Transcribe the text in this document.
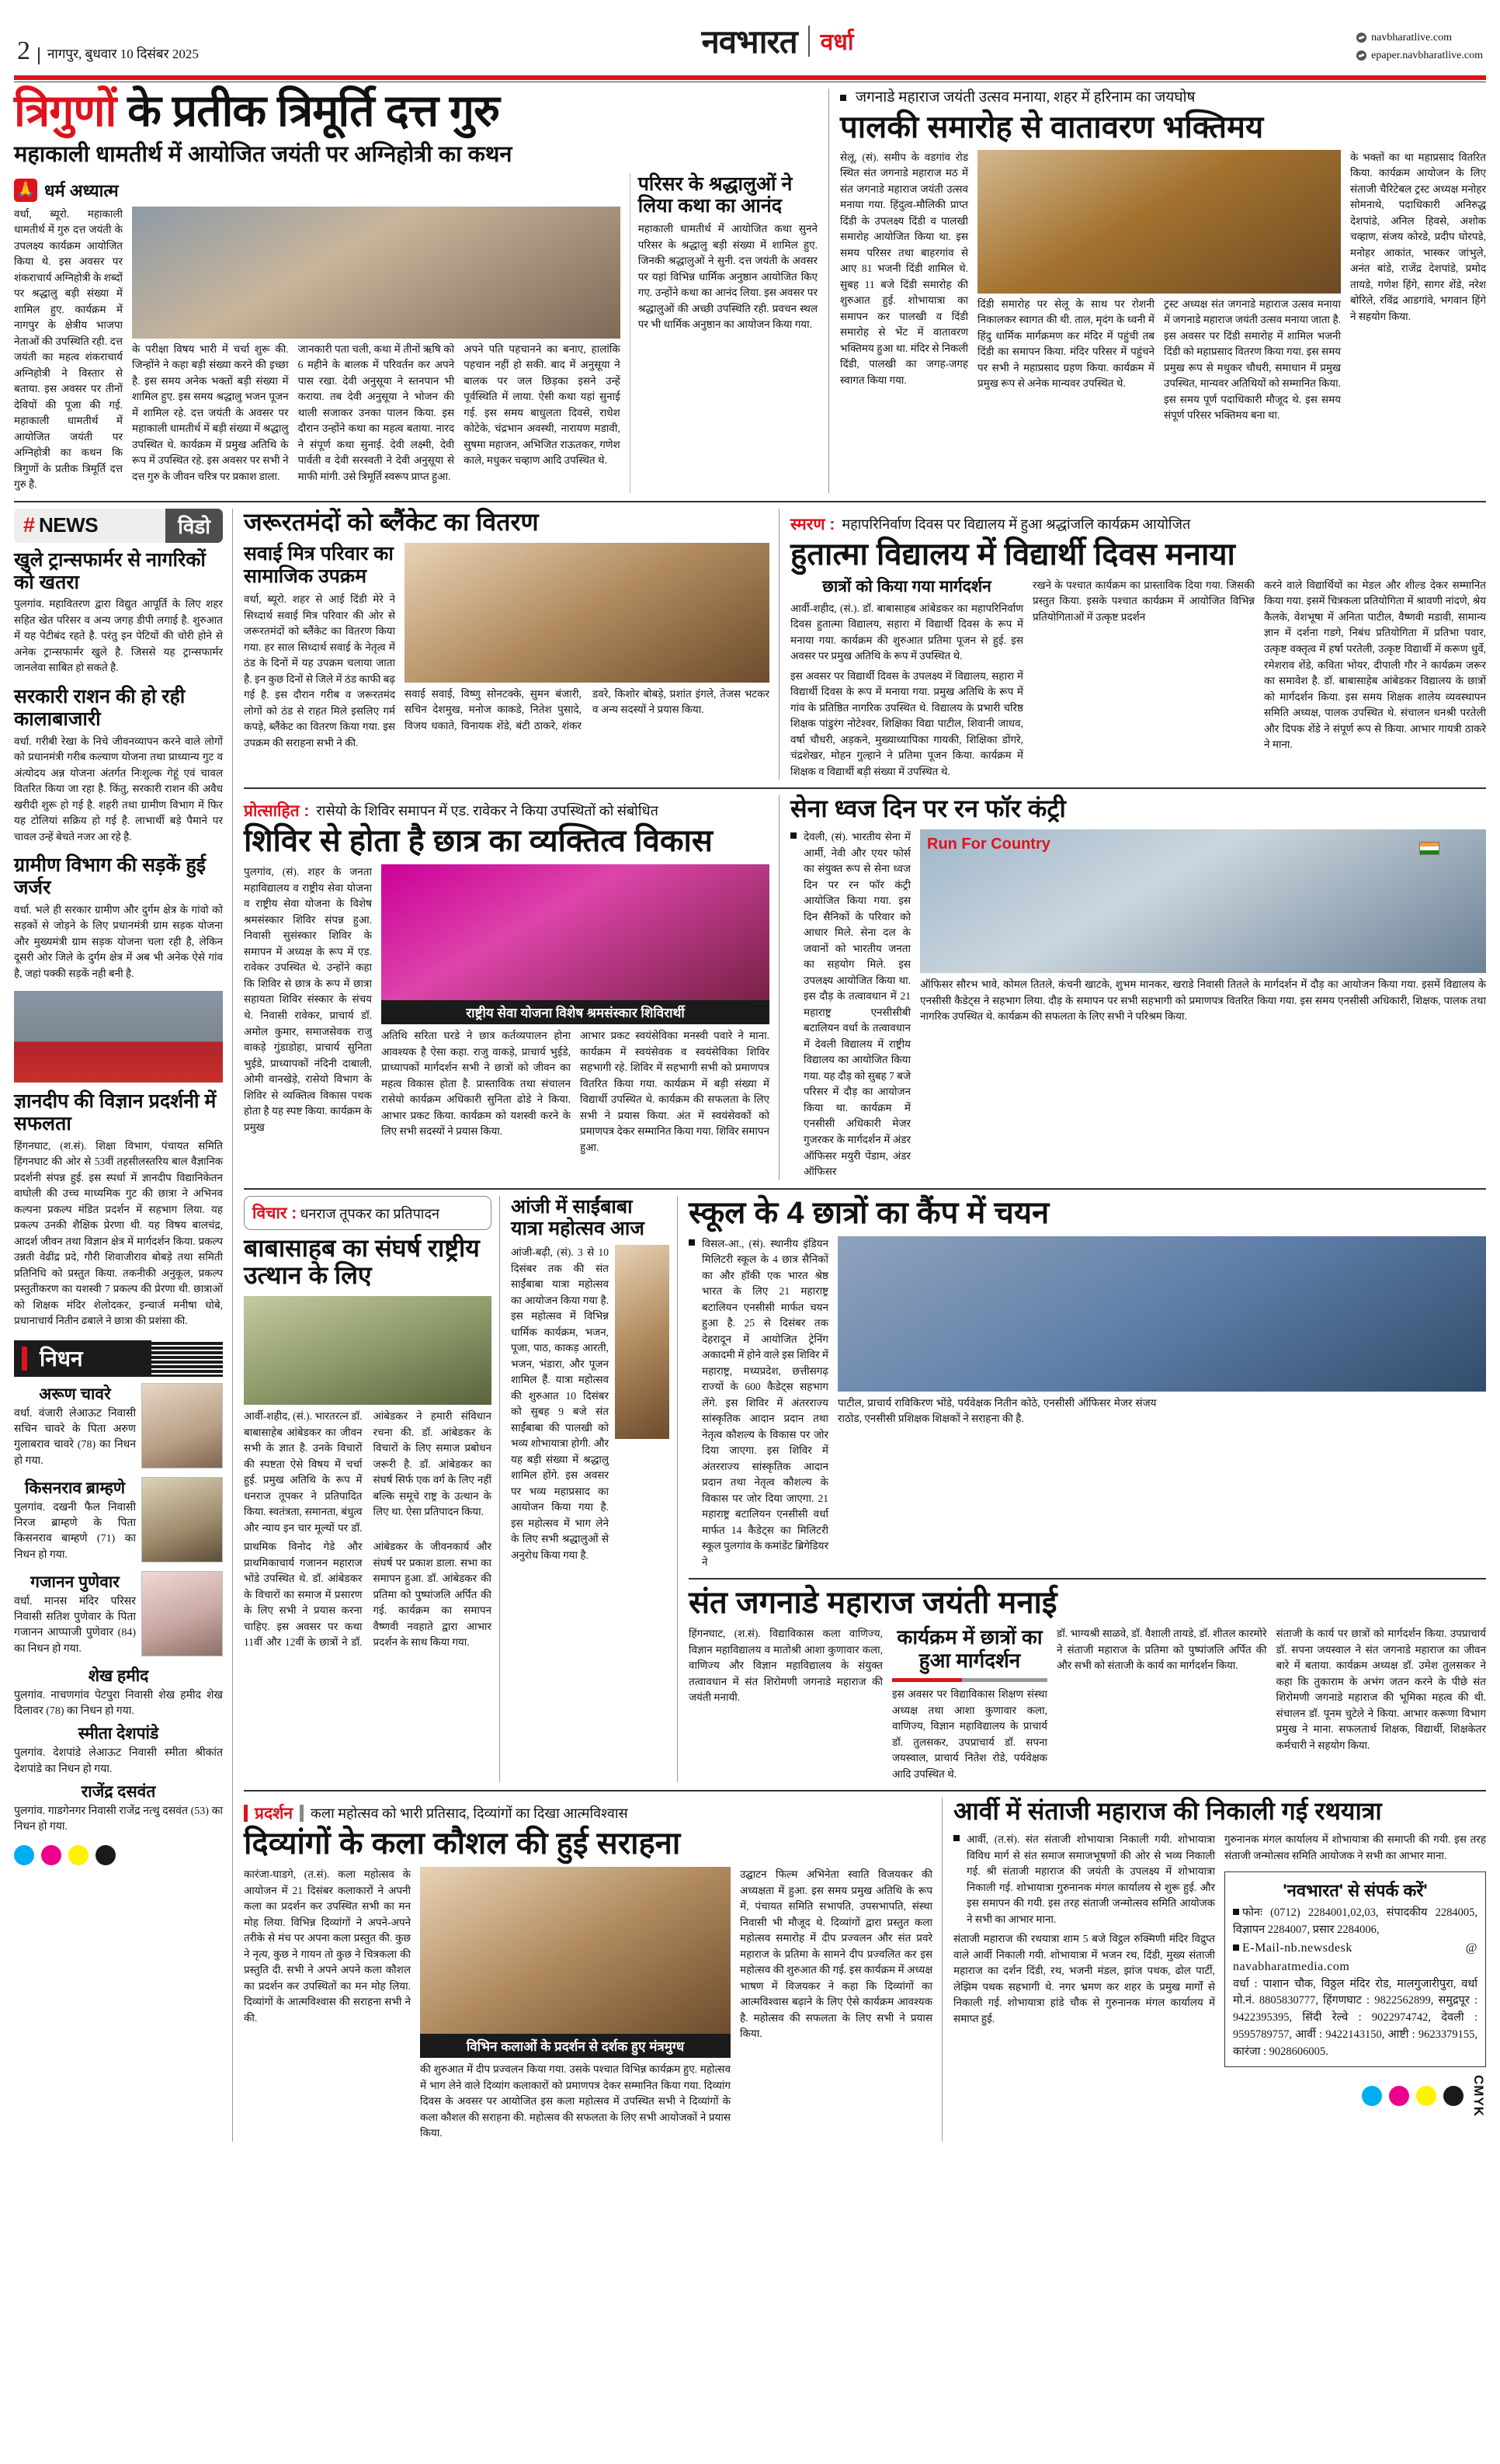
2	नागपुर, बुधवार 10 दिसंबर 2025	नवभारत वर्धा	navbharatlive.com
epaper.navbharatlive.com
त्रिगुणों के प्रतीक त्रिमूर्ति दत्त गुरु
महाकाली धामतीर्थ में आयोजित जयंती पर अग्निहोत्री का कथन
🙏
धर्म अध्यात्म
वर्धा, ब्यूरो. महाकाली धामतीर्थ में गुरु दत्त जयंती के उपलक्ष्य कार्यक्रम आयोजित किया थे. इस अवसर पर शंकराचार्य अग्निहोत्री के शब्दों पर श्रद्धालु बड़ी संख्या में शामिल हुए. कार्यक्रम में नागपुर के क्षेत्रीय भाजपा नेताओं की उपस्थिति रही. दत्त जयंती का महत्व शंकराचार्य अग्निहोत्री ने विस्तार से बताया. इस अवसर पर तीनों देवियों की पूजा की गई. महाकाली धामतीर्थ में आयोजित जयंती पर अग्निहोत्री का कथन कि त्रिगुणों के प्रतीक त्रिमूर्ति दत्त गुरु है.
के परीक्षा विषय भारी में चर्चा शुरू की. जिन्होंने ने कहा बड़ी संख्या करने की इच्छा है. इस समय अनेक भक्तों बड़ी संख्या में शामिल हुए. इस समय श्रद्धालु भजन पूजन में शामिल रहे. दत्त जयंती के अवसर पर महाकाली धामतीर्थ में बड़ी संख्या में श्रद्धालु उपस्थित थे. कार्यक्रम में प्रमुख अतिथि के रूप में उपस्थित रहे. इस अवसर पर सभी ने दत्त गुरु के जीवन चरित्र पर प्रकाश डाला.
जानकारी पता चली, कथा में तीनों ऋषि को 6 महीने के बालक में परिवर्तन कर अपने पास रखा. देवी अनुसूया ने स्तनपान भी कराया. तब देवी अनुसूया ने भोजन की थाली सजाकर उनका पालन किया. इस दौरान उन्होंने कथा का महत्व बताया. नारद ने संपूर्ण कथा सुनाई. देवी लक्ष्मी, देवी पार्वती व देवी सरस्वती ने देवी अनुसूया से माफी मांगी. उसे त्रिमूर्ति स्वरूप प्राप्त हुआ.
अपने पति पहचानने का बनाए, हालांकि पहचान नहीं हो सकी. बाद में अनुसूया ने बालक पर जल छिड़का इसने उन्हें पूर्वस्थिति में लाया. ऐसी कथा यहां सुनाई गई. इस समय बाधुलता दिवसे, राधेश कोटेके, चंद्रभान अवस्थी, नारायण मडावी, सुषमा महाजन, अभिजित राऊतकर, गणेश काले, मधुकर चव्हाण आदि उपस्थित थे.
परिसर के श्रद्धालुओं ने लिया कथा का आनंद
महाकाली धामतीर्थ में आयोजित कथा सुनने परिसर के श्रद्धालु बड़ी संख्या में शामिल हुए. जिनकी श्रद्धालुओं ने सुनी. दत्त जयंती के अवसर पर यहां विभिन्न धार्मिक अनुष्ठान आयोजित किए गए. उन्होंने कथा का आनंद लिया. इस अवसर पर श्रद्धालुओं की अच्छी उपस्थिति रही. प्रवचन स्थल पर भी धार्मिक अनुष्ठान का आयोजन किया गया.
जगनाडे महाराज जयंती उत्सव मनाया, शहर में हरिनाम का जयघोष
पालकी समारोह से वातावरण भक्तिमय
सेलू, (सं). समीप के वडगांव रोड स्थित संत जगनाडे महाराज मठ में संत जगनाडे महाराज जयंती उत्सव मनाया गया. हिंदुत्व-मौलिकी प्राप्त दिंडी के उपलक्ष्य दिंडी व पालखी समारोह आयोजित किया था. इस समय परिसर तथा बाहरगांव से आए 81 भजनी दिंडी शामिल थे. सुबह 11 बजे दिंडी समारोह की शुरुआत हुई. शोभायात्रा का समापन कर पालखी व दिंडी समारोह से भेंट में वातावरण भक्तिमय हुआ था. मंदिर से निकली दिंडी, पालखी का जगह-जगह स्वागत किया गया.
दिंडी समारोह पर सेलू के साथ पर रोशनी निकालकर स्वागत की थी. ताल, मृदंग के ध्वनी में हिंदु धार्मिक मार्गक्रमण कर मंदिर में पहुंची तब दिंडी का समापन किया. मंदिर परिसर में पहुंचने पर सभी ने महाप्रसाद ग्रहण किया. कार्यक्रम में प्रमुख रूप से अनेक मान्यवर उपस्थित थे.
ट्रस्ट अध्यक्ष संत जगनाडे महाराज उत्सव मनाया में जगनाडे महाराज जयंती उत्सव मनाया जाता है. इस अवसर पर दिंडी समारोह में शामिल भजनी दिंडी को महाप्रसाद वितरण किया गया. इस समय प्रमुख रूप से मधुकर चौधरी, समाधान में प्रमुख उपस्थित, मान्यवर अतिथियों को सम्मानित किया. इस समय पूर्ण पदाधिकारी मौजूद थे. इस समय संपूर्ण परिसर भक्तिमय बना था.
के भक्तों का था महाप्रसाद वितरित किया. कार्यक्रम आयोजन के लिए संताजी चैरिटेबल ट्रस्ट अध्यक्ष मनोहर सोमनाथे, पदाधिकारी अनिरुद्ध देशपांडे, अनिल हिवसे, अशोक चव्हाण, संजय कोरडे, प्रदीप घोरपडे, मनोहर आकांत, भास्कर जांभुले, अनंत बांडे, राजेंद्र देशपांडे, प्रमोद तायडे, गणेश हिंगे, सागर शेंडे, नरेश बोरिले, रविंद्र आडगांवे, भगवान हिंगे ने सहयोग किया.
# NEWS	विडो
खुले ट्रान्सफार्मर से नागरिकों को खतरा
पुलगांव. महावितरण द्वारा विद्युत आपूर्ति के लिए शहर सहित खेत परिसर व अन्य जगह डीपी लगाई है. शुरुआत में यह पेटीबंद रहते है. परंतु इन पेटियों की चोरी होने से अनेक ट्रान्सफार्मर खुले है. जिससे यह ट्रान्सफार्मर जानलेवा साबित हो सकते है.
सरकारी राशन की हो रही कालाबाजारी
वर्धा. गरीबी रेखा के निचे जीवनव्यापन करने वाले लोगों को प्रधानमंत्री गरीब कल्याण योजना तथा प्राध्यान्य गुट व अंत्योदय अन्न योजना अंतर्गत निःशुल्क गेहूं एवं चावल वितरित किया जा रहा है. किंतु, सरकारी राशन की अवैध खरीदी शुरू हो गई है. शहरी तथा ग्रामीण विभाग में फिर यह टोलियां सक्रिय हो गई है. लाभार्थी बड़े पैमाने पर चावल उन्हें बेचते नजर आ रहे है.
ग्रामीण विभाग की सड़कें हुई जर्जर
वर्धा. भले ही सरकार ग्रामीण और दुर्गम क्षेत्र के गांवो को सड़कों से जोड़ने के लिए प्रधानमंत्री ग्राम सड़क योजना और मुख्यमंत्री ग्राम सड़क योजना चला रही है, लेकिन दूसरी ओर जिले के दुर्गम क्षेत्र में अब भी अनेक ऐसे गांव है, जहां पक्की सड़कें नही बनी है.
ज्ञानदीप की विज्ञान प्रदर्शनी में सफलता
हिंगनघाट, (श.सं). शिक्षा विभाग, पंचायत समिति हिंगनघाट की ओर से 53वीं तहसीलस्तरिय बाल वैज्ञानिक प्रदर्शनी संपन्न हुई. इस स्पर्धा में ज्ञानदीप विद्यानिकेतन वाघोली की उच्च माध्यमिक गुट की छात्रा ने अभिनव कल्पना प्रकल्प मंडित प्रदर्शन में सहभाग लिया. यह प्रकल्प उनकी शैक्षिक प्रेरणा थी. यह विषय बालचंद्र, आदर्श जीवन तथा विज्ञान क्षेत्र में मार्गदर्शन किया. प्रकल्प उन्नती वेढींद्र प्रदे, गौरी शिवाजीराव बोबड़े तथा समिती प्रतिनिधि को प्रस्तुत किया. तकनीकी अनुकूल, प्रकल्प प्रस्तुतीकरण का यशस्वी 7 प्रकल्प की प्रेरणा थी. छात्राओं को शिक्षक मंदिर शेलोदकर, इन्चार्ज मनीषा धोबे, प्रधानाचार्य नितीन ढबाले ने छात्रा की प्रशंसा की.
निधन
अरूण चावरे
वर्धा. वंजारी लेआऊट निवासी सचिन चावरे के पिता अरुण गुलाबराव चावरे (78) का निधन हो गया.
किसनराव ब्राम्हणे
पुलगांव. दखनी फैल निवासी निरज ब्राम्हणे के पिता किसनराव बाम्हणे (71) का निधन हो गया.
गजानन पुणेवार
वर्धा. मानस मंदिर परिसर निवासी सतिश पुणेवार के पिता गजानन आप्पाजी पुणेवार (84) का निधन हो गया.
शेख हमीद
पुलगांव. नाचणगांव पेटपुरा निवासी शेख हमीद शेख दिलावर (78) का निधन हो गया.
स्मीता देशपांडे
पुलगांव. देशपांडे लेआऊट निवासी स्मीता श्रीकांत देशपांडे का निधन हो गया.
राजेंद्र दसवंत
पुलगांव. गाडगेनगर निवासी राजेंद्र नत्थु दसवंत (53) का निधन हो गया.
जरूरतमंदों को ब्लैंकेट का वितरण
सवाई मित्र परिवार का सामाजिक उपक्रम
वर्धा, ब्यूरो. शहर से आई दिंडी मेरे ने सिध्दार्थ सवाई मित्र परिवार की ओर से जरूरतमंदों को ब्लैंकेट का वितरण किया गया. हर साल सिध्दार्थ सवाई के नेतृत्व में ठंड के दिनों में यह उपक्रम चलाया जाता है. इन कुछ दिनों से जिले में ठंड काफी बढ़ गई है. इस दौरान गरीब व जरूरतमंद लोगों को ठंड से राहत मिले इसलिए गर्म कपड़े, ब्लैंकेट का वितरण किया गया. इस उपक्रम की सराहना सभी ने की.
सवाई सवाई, विष्णु सोनटक्के, सुमन बंजारी, सचिन देशमुख, मनोज काकडे, नितेश पुसादे, विजय धकाते, विनायक शेंडे, बंटी ठाकरे, शंकर डवरे, किशोर बोबड़े, प्रशांत इंगले, तेजस भटकर व अन्य सदस्यों ने प्रयास किया.
स्मरण : महापरिनिर्वाण दिवस पर विद्यालय में हुआ श्रद्धांजलि कार्यक्रम आयोजित
हुतात्मा विद्यालय में विद्यार्थी दिवस मनाया
छात्रों को किया गया मार्गदर्शन
आर्वी-शहीद, (सं.). डॉ. बाबासाहब आंबेडकर का महापरिनिर्वाण दिवस हुतात्मा विद्यालय, सहारा में विद्यार्थी दिवस के रूप में मनाया गया. कार्यक्रम की शुरुआत प्रतिमा पूजन से हुई. इस अवसर पर प्रमुख अतिथि के रूप में उपस्थित थे.
इस अवसर पर विद्यार्थी दिवस के उपलक्ष्य में विद्यालय, सहारा में विद्यार्थी दिवस के रूप में मनाया गया. प्रमुख अतिथि के रूप में गांव के प्रतिष्ठित नागरिक उपस्थित थे. विद्यालय के प्रभारी चरिष्ठ शिक्षक पांडुरंग नोटेश्वर, शिक्षिका विद्या पाटील, शिवानी जाधव, वर्षा चौधरी, अड़कने, मुख्याध्यापिका गायकी, शिक्षिका डोंगरे, चंद्रशेखर, मोहन गुल्हाने ने प्रतिमा पूजन किया. कार्यक्रम में शिक्षक व विद्यार्थी बड़ी संख्या में उपस्थित थे.
रखने के पश्चात कार्यक्रम का प्रास्ताविक दिया गया. जिसकी प्रस्तुत किया. इसके पश्चात कार्यक्रम में आयोजित विभिन्न प्रतियोगिताओं में उत्कृष्ट प्रदर्शन
करने वाले विद्यार्थियों का मेडल और शील्ड देकर सम्मानित किया गया. इसमें चित्रकला प्रतियोगिता में श्रावणी नांदणे, श्रेय कैलके, वेशभूषा में अनिता पाटील, वैष्णवी मडावी, सामान्य ज्ञान में दर्शना गडगे, निबंध प्रतियोगिता में प्रतिभा पवार, उत्कृष्ट वक्तृत्व में हर्षा परतेली, उत्कृष्ट विद्यार्थी में करूण धुर्वे, रमेशराव शेंडे, कविता भोयर, दीपाली गौर ने कार्यक्रम जरूर का समावेश है. डॉ. बाबासाहेब आंबेडकर विद्यालय के छात्रों को मार्गदर्शन किया. इस समय शिक्षक शालेय व्यवस्थापन समिति अध्यक्ष, पालक उपस्थित थे. संचालन धनश्री परतेली और दिपक शेंडे ने संपूर्ण रूप से किया. आभार गायत्री ठाकरे ने माना.
प्रोत्साहित : रासेयो के शिविर समापन में एड. रावेकर ने किया उपस्थितों को संबोधित
शिविर से होता है छात्र का व्यक्तित्व विकास
पुलगांव, (सं). शहर के जनता महाविद्यालय व राष्ट्रीय सेवा योजना व राष्ट्रीय सेवा योजना के विशेष श्रमसंस्कार शिविर संपन्न हुआ. निवासी सुसंस्कार शिविर के समापन में अध्यक्ष के रूप में एड. रावेकर उपस्थित थे. उन्होंने कहा कि शिविर से छात्र के रूप में छात्रा सहायता शिविर संस्कार के संचय थे. निवासी रावेकर, प्राचार्य डॉ. अमोल कुमार, समाजसेवक राजु वाकड़े गुंडाडोहा, प्राचार्य सुनिता भुईडे, प्राध्यापकों नंदिनी दाबाली, ओमी वानखेड़े, रासेयो विभाग के शिविर से व्यक्तित्व विकास पथक होता है यह स्पष्ट किया. कार्यक्रम के प्रमुख
राष्ट्रीय सेवा योजना विशेष श्रमसंस्कार शिविरार्थी
अतिथि सरिता घरडे ने छात्र कर्तव्यपालन होना आवश्यक है ऐसा कहा. राजु वाकड़े, प्राचार्य भुईडे, प्राध्यापकों मार्गदर्शन सभी ने छात्रों को जीवन का महत्व विकास होता है. प्रास्ताविक तथा संचालन रासेयो कार्यक्रम अधिकारी सुनिता ढोडे ने किया. आभार प्रकट किया. कार्यक्रम को यशस्वी करने के लिए सभी सदस्यों ने प्रयास किया.
आभार प्रकट स्वयंसेविका मनस्वी पवारे ने माना. कार्यक्रम में स्वयंसेवक व स्वयंसेविका शिविर सहभागी रहे. शिविर में सहभागी सभी को प्रमाणपत्र वितरित किया गया. कार्यक्रम में बड़ी संख्या में विद्यार्थी उपस्थित थे. कार्यक्रम की सफलता के लिए सभी ने प्रयास किया. अंत में स्वयंसेवकों को प्रमाणपत्र देकर सम्मानित किया गया. शिविर समापन हुआ.
सेना ध्वज दिन पर रन फॉर कंट्री
देवली, (सं). भारतीय सेना में आर्मी, नेवी और एयर फोर्स का संयुक्त रूप से सेना ध्वज दिन पर रन फॉर कंट्री आयोजित किया गया. इस दिन सैनिकों के परिवार को आधार मिले. सेना दल के जवानों को भारतीय जनता का सहयोग मिले. इस उपलक्ष्य आयोजित किया था. इस दौड़ के तत्वावधान में 21 महाराष्ट्र एनसीसीबी बटालियन वर्धा के तत्वावधान में देवली विद्यालय में राष्ट्रीय विद्यालय का आयोजित किया गया. यह दौड़ को सुबह 7 बजे परिसर में दौड़ का आयोजन किया था. कार्यक्रम में एनसीसी अधिकारी मेजर गुजरकर के मार्गदर्शन में अंडर ऑफिसर मयुरी पेंडाम, अंडर ऑफिसर
Run For Country
ऑफिसर सौरभ भावे, कोमल तितले, कंचनी खाटके, शुभम मानकर, खराडे निवासी तितले के मार्गदर्शन में दौड़ का आयोजन किया गया. इसमें विद्यालय के एनसीसी कैडेट्स ने सहभाग लिया. दौड़ के समापन पर सभी सहभागी को प्रमाणपत्र वितरित किया गया. इस समय एनसीसी अधिकारी, शिक्षक, पालक तथा नागरिक उपस्थित थे. कार्यक्रम की सफलता के लिए सभी ने परिश्रम किया.
विचार : धनराज तूपकर का प्रतिपादन
बाबासाहब का संघर्ष राष्ट्रीय उत्थान के लिए
आर्वी-शहीद, (सं.). भारतरत्न डॉ. बाबासाहेब आंबेडकर का जीवन सभी के ज्ञात है. उनके विचारों की स्पष्टता ऐसे विषय में चर्चा हुई. प्रमुख अतिथि के रूप में धनराज तूपकर ने प्रतिपादित किया. स्वतंत्रता, समानता, बंधुत्व और न्याय इन चार मूल्यों पर डॉ. आंबेडकर ने हमारी संविधान रचना की. डॉ. आंबेडकर के विचारों के लिए समाज प्रबोधन जरूरी है. डॉ. आंबेडकर का संघर्ष सिर्फ एक वर्ग के लिए नहीं बल्कि समूचे राष्ट्र के उत्थान के लिए था. ऐसा प्रतिपादन किया.
प्राथमिक विनोद गेडे और प्राथमिकाचार्य गजानन महाराज भोंडे उपस्थित थे. डॉ. आंबेडकर के विचारों का समाज में प्रसारण के लिए सभी ने प्रयास करना चाहिए. इस अवसर पर कथा 11वीं और 12वीं के छात्रों ने डॉ. आंबेडकर के जीवनकार्य और संघर्ष पर प्रकाश डाला. सभा का समापन हुआ. डॉ. आंबेडकर की प्रतिमा को पुष्पांजलि अर्पित की गई. कार्यक्रम का समापन वैष्णवी नवहाते द्वारा आभार प्रदर्शन के साथ किया गया.
आंजी में साईंबाबा यात्रा महोत्सव आज
आंजी-बढ़ी, (सं). 3 से 10 दिसंबर तक की संत साईंबाबा यात्रा महोत्सव का आयोजन किया गया है. इस महोत्सव में विभिन्न धार्मिक कार्यक्रम, भजन, पूजा, पाठ, काकड़ आरती, भजन, भंडारा, और पूजन शामिल हैं. यात्रा महोत्सव की शुरुआत 10 दिसंबर को सुबह 9 बजे संत साईंबाबा की पालखी को भव्य शोभायात्रा होगी. और यह बड़ी संख्या में श्रद्धालु शामिल होंगे. इस अवसर पर भव्य महाप्रसाद का आयोजन किया गया है. इस महोत्सव में भाग लेने के लिए सभी श्रद्धालुओं से अनुरोध किया गया है.
स्कूल के 4 छात्रों का कैंप में चयन
विसल-आ., (सं). स्थानीय इंडियन मिलिटरी स्कूल के 4 छात्र सैनिकों का और हॉकी एक भारत श्रेष्ठ भारत के लिए 21 महाराष्ट्र बटालियन एनसीसी मार्फत चयन हुआ है. 25 से दिसंबर तक देहरादून में आयोजित ट्रेनिंग अकादमी में होने वाले इस शिविर में महाराष्ट्र, मध्यप्रदेश, छत्तीसगढ़ राज्यों के 600 कैडेट्स सहभाग लेंगे. इस शिविर में अंतरराज्य सांस्कृतिक आदान प्रदान तथा नेतृत्व कौशल्य के विकास पर जोर दिया जाएगा. इस शिविर में अंतरराज्य सांस्कृतिक आदान प्रदान तथा नेतृत्व कौशल्य के विकास पर जोर दिया जाएगा. 21 महाराष्ट्र बटालियन एनसीसी वर्धा मार्फत 14 कैडेट्स का मिलिटरी स्कूल पुलगांव के कमांडेंट ब्रिगेडियर ने
पाटील, प्राचार्य राविकिरण भोंडे, पर्यवेक्षक नितीन कोठे, एनसीसी ऑफिसर मेजर संजय राठोड, एनसीसी प्रशिक्षक शिक्षकों ने सराहना की है.
संत जगनाडे महाराज जयंती मनाई
हिंगनघाट, (श.सं). विद्याविकास कला वाणिज्य, विज्ञान महाविद्यालय व मातोश्री आशा कुणावार कला, वाणिज्य और विज्ञान महाविद्यालय के संयुक्त तत्वावधान में संत शिरोमणी जगनाडे महाराज की जयंती मनायी.
कार्यक्रम में छात्रों का हुआ मार्गदर्शन
इस अवसर पर विद्याविकास शिक्षण संस्था अध्यक्ष तथा आशा कुणावार कला, वाणिज्य, विज्ञान महाविद्यालय के प्राचार्य डॉ. तुलसकर, उपप्राचार्य डॉ. सपना जयस्वाल, प्राचार्य नितेश रोडे, पर्यवेक्षक आदि उपस्थित थे.
डॉ. भाग्यश्री साळवे, डॉ. वैशाली तायडे, डॉ. शीतल कारमोरे ने संताजी महाराज के प्रतिमा को पुष्पांजलि अर्पित की और सभी को संताजी के कार्य का मार्गदर्शन किया.
संताजी के कार्य पर छात्रों को मार्गदर्शन किया. उपप्राचार्य डॉ. सपना जयस्वाल ने संत जगनाडे महाराज का जीवन बारे में बताया. कार्यक्रम अध्यक्ष डॉ. उमेश तुलसकर ने कहा कि तुकाराम के अभंग जतन करने के पीछे संत शिरोमणी जगनाडे महाराज की भूमिका महत्व की थी. संचालन डॉ. पूनम चुटेले ने किया. आभार करूणा विभाग प्रमुख ने माना. सफलतार्थ शिक्षक, विद्यार्थी, शिक्षकेतर कर्मचारी ने सहयोग किया.
प्रदर्शन कला महोत्सव को भारी प्रतिसाद, दिव्यांगों का दिखा आत्मविश्वास
दिव्यांगों के कला कौशल की हुई सराहना
कारंजा-घाडगे, (त.सं). कला महोत्सव के आयोजन में 21 दिसंबर कलाकारों ने अपनी कला का प्रदर्शन कर उपस्थित सभी का मन मोह लिया. विभिन्न दिव्यांगों ने अपने-अपने तरीके से मंच पर अपना कला प्रस्तुत की. कुछ ने नृत्य, कुछ ने गायन तो कुछ ने चित्रकला की प्रस्तुति दी. सभी ने अपने अपने कला कौशल का प्रदर्शन कर उपस्थितों का मन मोह लिया. दिव्यांगों के आत्मविश्वास की सराहना सभी ने की.
विभिन कलाओं के प्रदर्शन से दर्शक हुए मंत्रमुग्ध
की शुरुआत में दीप प्रज्वलन किया गया. उसके पश्चात विभिन्न कार्यक्रम हुए. महोत्सव में भाग लेने वाले दिव्यांग कलाकारों को प्रमाणपत्र देकर सम्मानित किया गया. दिव्यांग दिवस के अवसर पर आयोजित इस कला महोत्सव में उपस्थित सभी ने दिव्यांगों के कला कौशल की सराहना की. महोत्सव की सफलता के लिए सभी आयोजकों ने प्रयास किया.
उद्घाटन फिल्म अभिनेता स्वाति विजयकर की अध्यक्षता में हुआ. इस समय प्रमुख अतिथि के रूप में, पंचायत समिति सभापति, उपसभापति, संस्था निवासी भी मौजूद थे. दिव्यांगों द्वारा प्रस्तुत कला महोत्सव समारोह में दीप प्रज्वलन और संत प्रवरे महाराज के प्रतिमा के सामने दीप प्रज्वलित कर इस महोत्सव की शुरुआत की गई. इस कार्यक्रम में अध्यक्ष भाषण में विजयकर ने कहा कि दिव्यांगों का आत्मविश्वास बढ़ाने के लिए ऐसे कार्यक्रम आवश्यक है. महोत्सव की सफलता के लिए सभी ने प्रयास किया.
आर्वी में संताजी महाराज की निकाली गई रथयात्रा
आर्वी, (त.सं). संत संताजी शोभायात्रा निकाली गयी. शोभायात्रा विविध मार्ग से संत समाज समाजभूषणों की ओर से भव्य निकाली गई. श्री संताजी महाराज की जयंती के उपलक्ष्य में शोभायात्रा निकाली गई. शोभायात्रा गुरुनानक मंगल कार्यालय से शुरू हुई. और इस समापन की गयी. इस तरह संताजी जन्मोत्सव समिति आयोजक ने सभी का आभार माना.
संताजी महाराज की रथयात्रा शाम 5 बजे विट्ठल रुक्मिणी मंदिर विद्रुप्त वाले आर्वी निकाली गयी. शोभायात्रा में भजन रथ, दिंडी, मुख्य संताजी महाराज का दर्शन दिंडी, रथ, भजनी मंडल, झांज पथक, ढोल पार्टी, लेझिम पथक सहभागी थे. नगर भ्रमण कर शहर के प्रमुख मार्गों से निकाली गई. शोभायात्रा हांडे चौक से गुरुनानक मंगल कार्यालय में समाप्त हुई.
गुरुनानक मंगल कार्यालय में शोभायात्रा की समाप्ती की गयी. इस तरह संताजी जन्मोत्सव समिति आयोजक ने सभी का आभार माना.
'नवभारत' से संपर्क करें'
फोनः (0712) 2284001,02,03, संपादकीय 2284005, विज्ञापन 2284007, प्रसार 2284006,
E-Mail-nb.newsdesk @ navabharatmedia.com
वर्धा : पाशान चौक, विठ्ठल मंदिर रोड, मालगुजारीपुरा, वर्धा मो.नं. 8805830777, हिंगणघाट : 9822562899, समुद्रपूर : 9422395395, सिंदी रेल्वे : 9022974742, देवली : 9595789757, आर्वी : 9422143150, आष्टी : 9623379155, कारंजा : 9028606005.
CMYK
